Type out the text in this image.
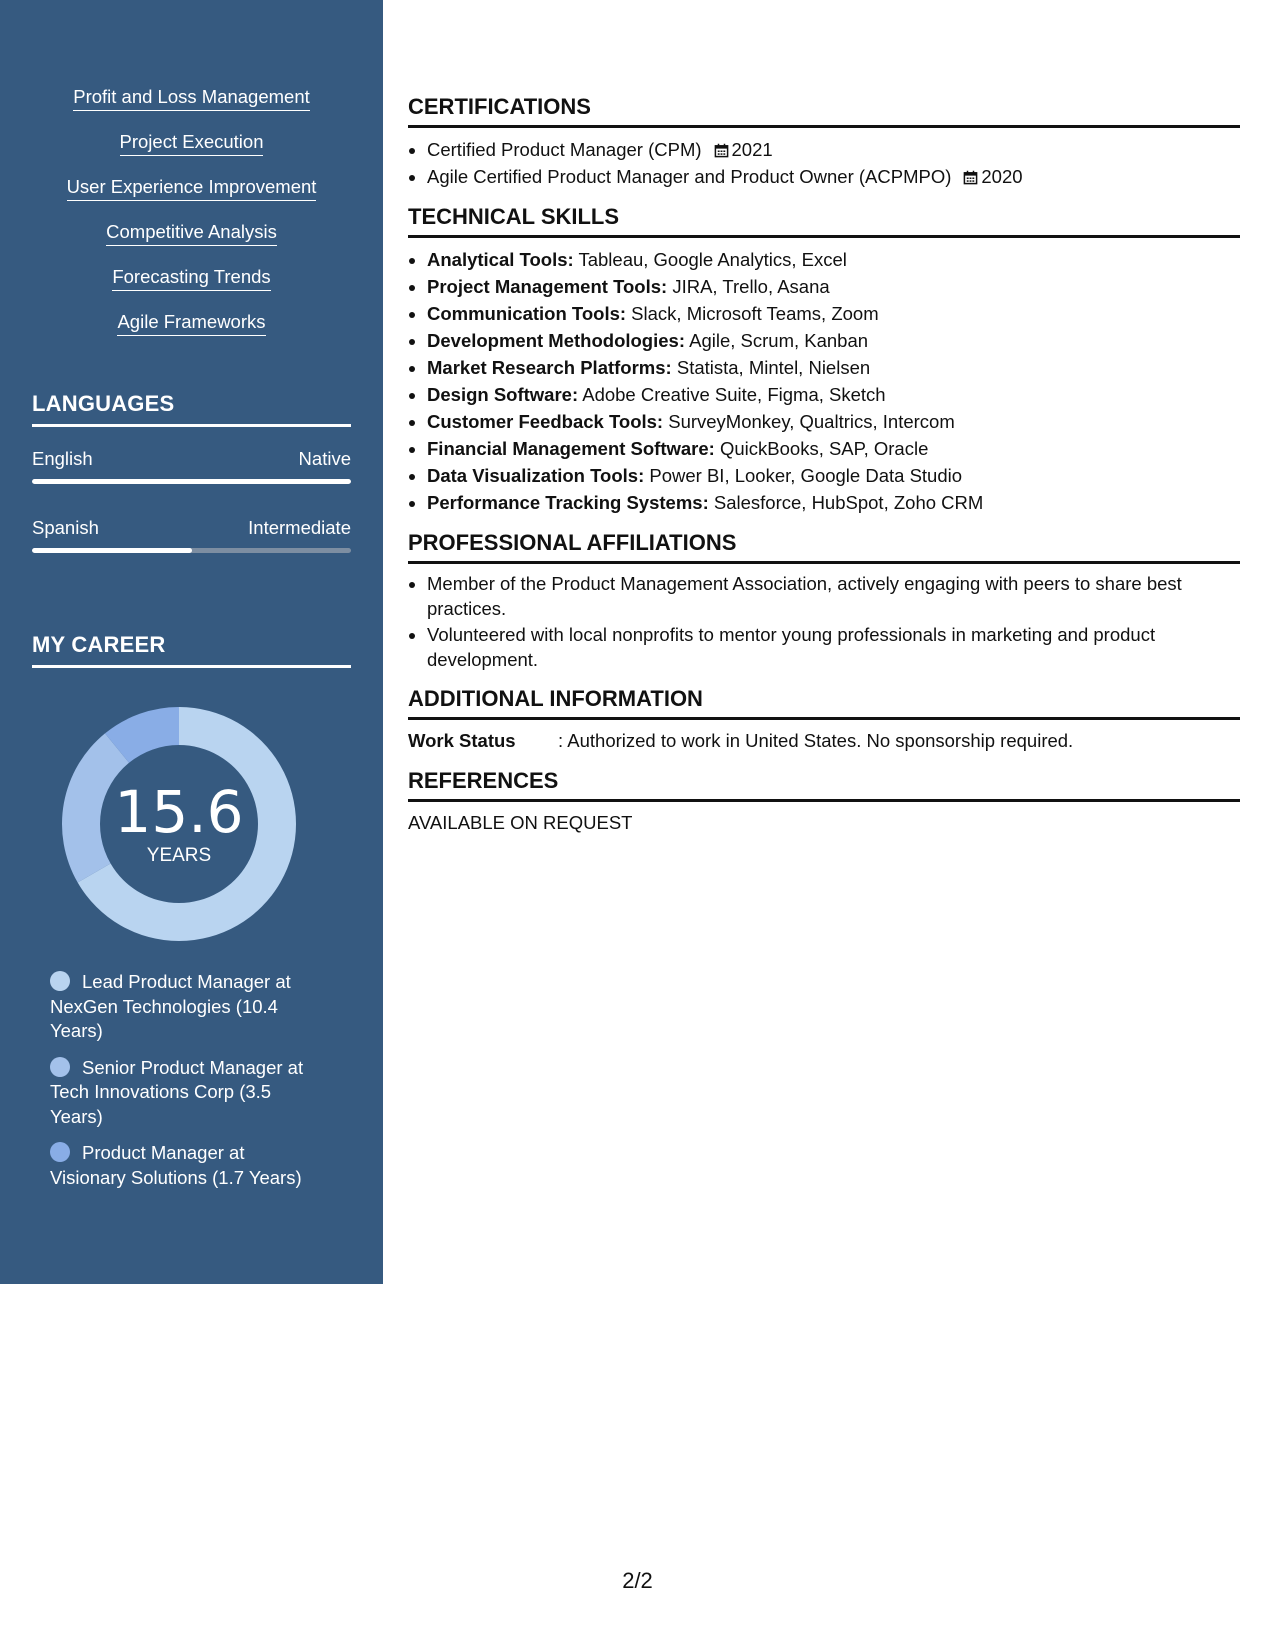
Profit and Loss Management
Project Execution
User Experience Improvement
Competitive Analysis
Forecasting Trends
Agile Frameworks
LANGUAGES
English	Native
Spanish	Intermediate
MY CAREER
15.6
YEARS
Lead Product Manager at NexGen Technologies (10.4 Years)
Senior Product Manager at Tech Innovations Corp (3.5 Years)
Product Manager at Visionary Solutions (1.7 Years)
CERTIFICATIONS
• Certified Product Manager (CPM) 2021
• Agile Certified Product Manager and Product Owner (ACPMPO) 2020
TECHNICAL SKILLS
• Analytical Tools: Tableau, Google Analytics, Excel
• Project Management Tools: JIRA, Trello, Asana
• Communication Tools: Slack, Microsoft Teams, Zoom
• Development Methodologies: Agile, Scrum, Kanban
• Market Research Platforms: Statista, Mintel, Nielsen
• Design Software: Adobe Creative Suite, Figma, Sketch
• Customer Feedback Tools: SurveyMonkey, Qualtrics, Intercom
• Financial Management Software: QuickBooks, SAP, Oracle
• Data Visualization Tools: Power BI, Looker, Google Data Studio
• Performance Tracking Systems: Salesforce, HubSpot, Zoho CRM
PROFESSIONAL AFFILIATIONS
• Member of the Product Management Association, actively engaging with peers to share best practices.
• Volunteered with local nonprofits to mentor young professionals in marketing and product development.
ADDITIONAL INFORMATION
Work Status : Authorized to work in United States. No sponsorship required.
REFERENCES
AVAILABLE ON REQUEST
2/2
